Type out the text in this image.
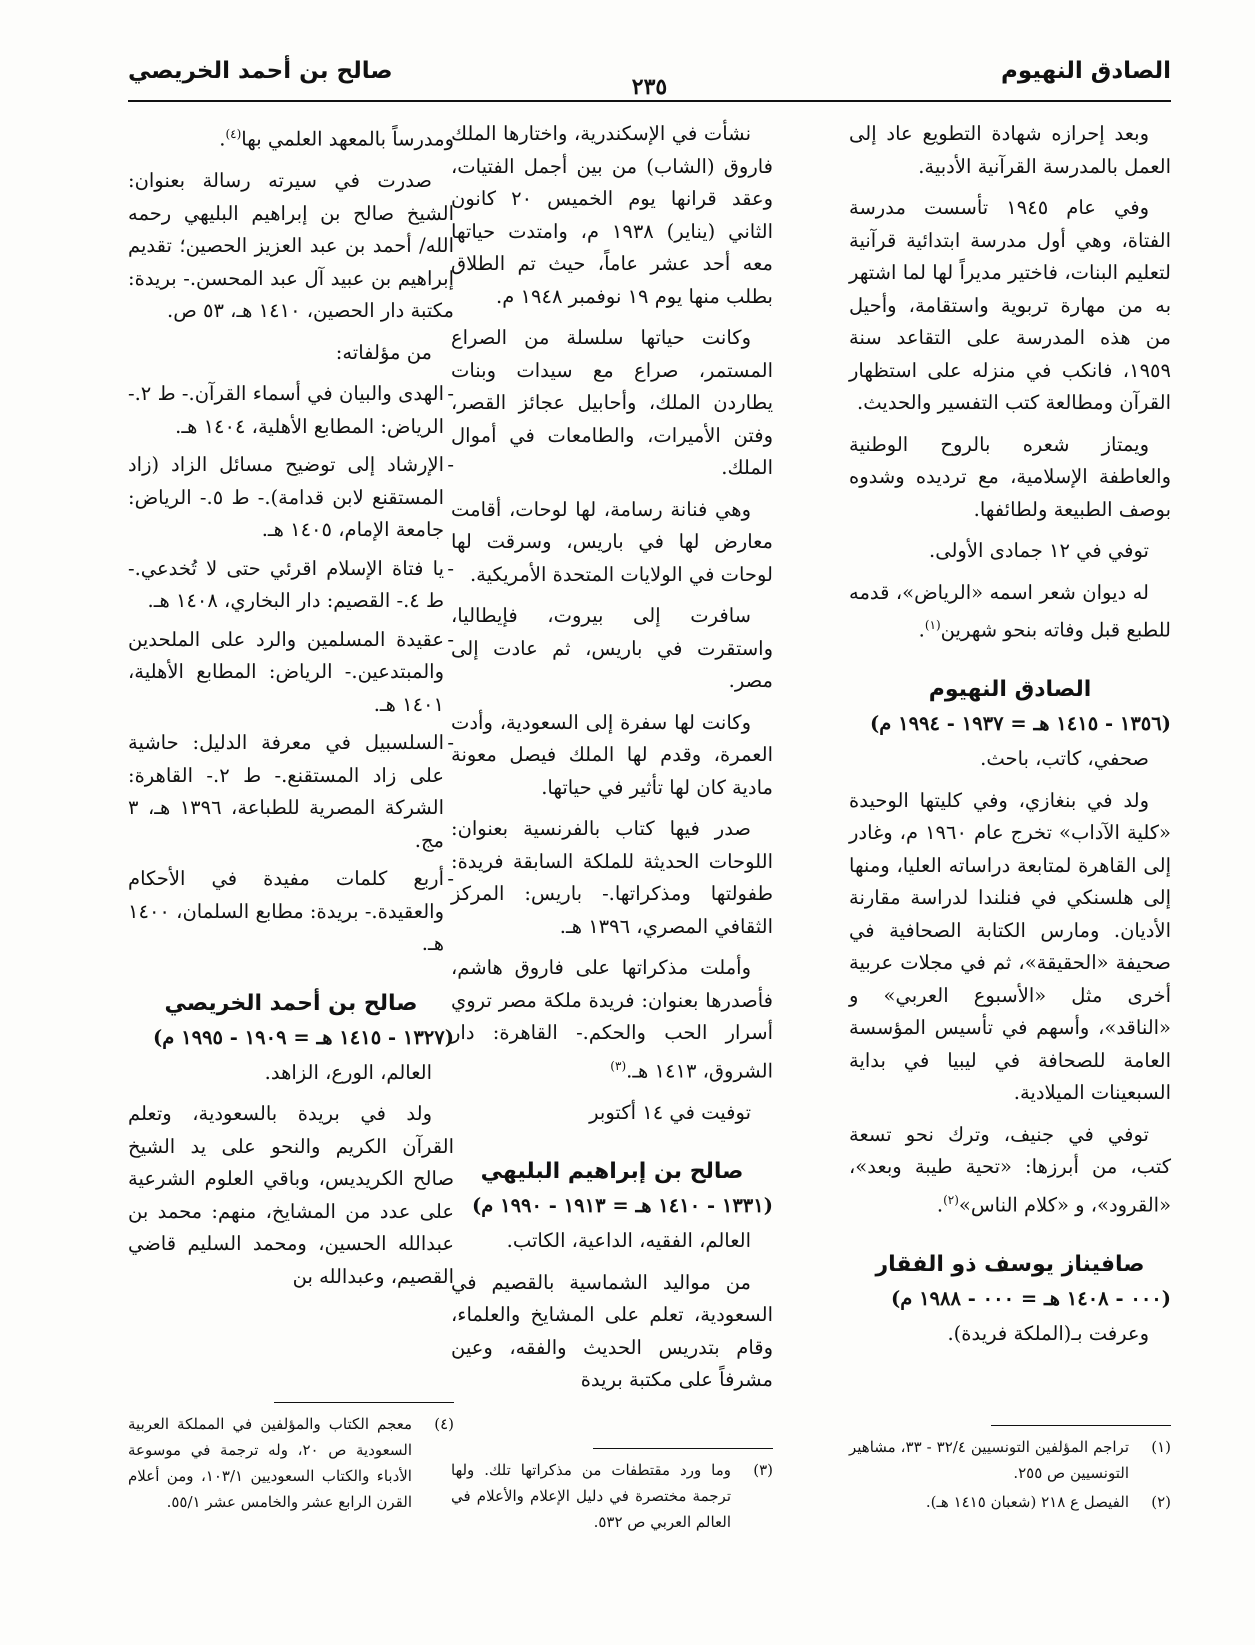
الصادق النهيوم
٢٣٥
صالح بن أحمد الخريصي

وبعد إحرازه شهادة التطويع عاد إلى العمل بالمدرسة القرآنية الأدبية.

وفي عام ١٩٤٥ تأسست مدرسة الفتاة، وهي أول مدرسة ابتدائية قرآنية لتعليم البنات، فاختير مديراً لها لما اشتهر به من مهارة تربوية واستقامة، وأحيل من هذه المدرسة على التقاعد سنة ١٩٥٩، فانكب في منزله على استظهار القرآن ومطالعة كتب التفسير والحديث.

ويمتاز شعره بالروح الوطنية والعاطفة الإسلامية، مع ترديده وشدوه بوصف الطبيعة ولطائفها.

توفي في ١٢ جمادى الأولى.

له ديوان شعر اسمه «الرياض»، قدمه للطبع قبل وفاته بنحو شهرين$^{(١)}$.

الصادق النهيوم
(١٣٥٦ - ١٤١٥ هـ = ١٩٣٧ - ١٩٩٤ م)

صحفي، كاتب، باحث.

ولد في بنغازي، وفي كليتها الوحيدة «كلية الآداب» تخرج عام ١٩٦٠ م، وغادر إلى القاهرة لمتابعة دراساته العليا، ومنها إلى هلسنكي في فنلندا لدراسة مقارنة الأديان. ومارس الكتابة الصحافية في صحيفة «الحقيقة»، ثم في مجلات عربية أخرى مثل «الأسبوع العربي» و «الناقد»، وأسهم في تأسيس المؤسسة العامة للصحافة في ليبيا في بداية السبعينات الميلادية.

توفي في جنيف، وترك نحو تسعة كتب، من أبرزها: «تحية طيبة وبعد»، «القرود»، و «كلام الناس»$^{(٢)}$.

صافيناز يوسف ذو الفقار
(٠٠٠ - ١٤٠٨ هـ = ٠٠٠ - ١٩٨٨ م)

وعرفت بـ(الملكة فريدة).

(١)
تراجم المؤلفين التونسيين ٣٢/٤ - ٣٣، مشاهير التونسيين ص ٢٥٥.
(٢)
الفيصل ع ٢١٨ (شعبان ١٤١٥ هـ).

نشأت في الإسكندرية، واختارها الملك فاروق (الشاب) من بين أجمل الفتيات، وعقد قرانها يوم الخميس ٢٠ كانون الثاني (يناير) ١٩٣٨ م، وامتدت حياتها معه أحد عشر عاماً، حيث تم الطلاق بطلب منها يوم ١٩ نوفمبر ١٩٤٨ م.

وكانت حياتها سلسلة من الصراع المستمر، صراع مع سيدات وبنات يطاردن الملك، وأحابيل عجائز القصر، وفتن الأميرات، والطامعات في أموال الملك.

وهي فنانة رسامة، لها لوحات، أقامت معارض لها في باريس، وسرقت لها لوحات في الولايات المتحدة الأمريكية.

سافرت إلى بيروت، فإيطاليا، واستقرت في باريس، ثم عادت إلى مصر.

وكانت لها سفرة إلى السعودية، وأدت العمرة، وقدم لها الملك فيصل معونة مادية كان لها تأثير في حياتها.

صدر فيها كتاب بالفرنسية بعنوان: اللوحات الحديثة للملكة السابقة فريدة: طفولتها ومذكراتها.- باريس: المركز الثقافي المصري، ١٣٩٦ هـ.

وأملت مذكراتها على فاروق هاشم، فأصدرها بعنوان: فريدة ملكة مصر تروي أسرار الحب والحكم.- القاهرة: دار الشروق، ١٤١٣ هـ.$^{(٣)}$

توفيت في ١٤ أكتوبر

صالح بن إبراهيم البليهي
(١٣٣١ - ١٤١٠ هـ = ١٩١٣ - ١٩٩٠ م)

العالم، الفقيه، الداعية، الكاتب.

من مواليد الشماسية بالقصيم في السعودية، تعلم على المشايخ والعلماء، وقام بتدريس الحديث والفقه، وعين مشرفاً على مكتبة بريدة

(٣)
وما ورد مقتطفات من مذكراتها تلك. ولها ترجمة مختصرة في دليل الإعلام والأعلام في العالم العربي ص ٥٣٢.

ومدرساً بالمعهد العلمي بها$^{(٤)}$.

صدرت في سيرته رسالة بعنوان: الشيخ صالح بن إبراهيم البليهي رحمه الله/ أحمد بن عبد العزيز الحصين؛ تقديم إبراهيم بن عبيد آل عبد المحسن.- بريدة: مكتبة دار الحصين، ١٤١٠ هـ، ٥٣ ص.

من مؤلفاته:

- الهدى والبيان في أسماء القرآن.- ط ٢.- الرياض: المطابع الأهلية، ١٤٠٤ هـ.
- الإرشاد إلى توضيح مسائل الزاد (زاد المستقنع لابن قدامة).- ط ٥.- الرياض: جامعة الإمام، ١٤٠٥ هـ.
- يا فتاة الإسلام اقرئي حتى لا تُخدعي.- ط ٤.- القصيم: دار البخاري، ١٤٠٨ هـ.
- عقيدة المسلمين والرد على الملحدين والمبتدعين.- الرياض: المطابع الأهلية، ١٤٠١ هـ.
- السلسبيل في معرفة الدليل: حاشية على زاد المستقنع.- ط ٢.- القاهرة: الشركة المصرية للطباعة، ١٣٩٦ هـ، ٣ مج.
- أربع كلمات مفيدة في الأحكام والعقيدة.- بريدة: مطابع السلمان، ١٤٠٠ هـ.
صالح بن أحمد الخريصي
(١٣٢٧ - ١٤١٥ هـ = ١٩٠٩ - ١٩٩٥ م)

العالم، الورع، الزاهد.

ولد في بريدة بالسعودية، وتعلم القرآن الكريم والنحو على يد الشيخ صالح الكريديس، وباقي العلوم الشرعية على عدد من المشايخ، منهم: محمد بن عبدالله الحسين، ومحمد السليم قاضي القصيم، وعبدالله بن

(٤)
معجم الكتاب والمؤلفين في المملكة العربية السعودية ص ٢٠، وله ترجمة في موسوعة الأدباء والكتاب السعوديين ١٠٣/١، ومن أعلام القرن الرابع عشر والخامس عشر ٥٥/١.
